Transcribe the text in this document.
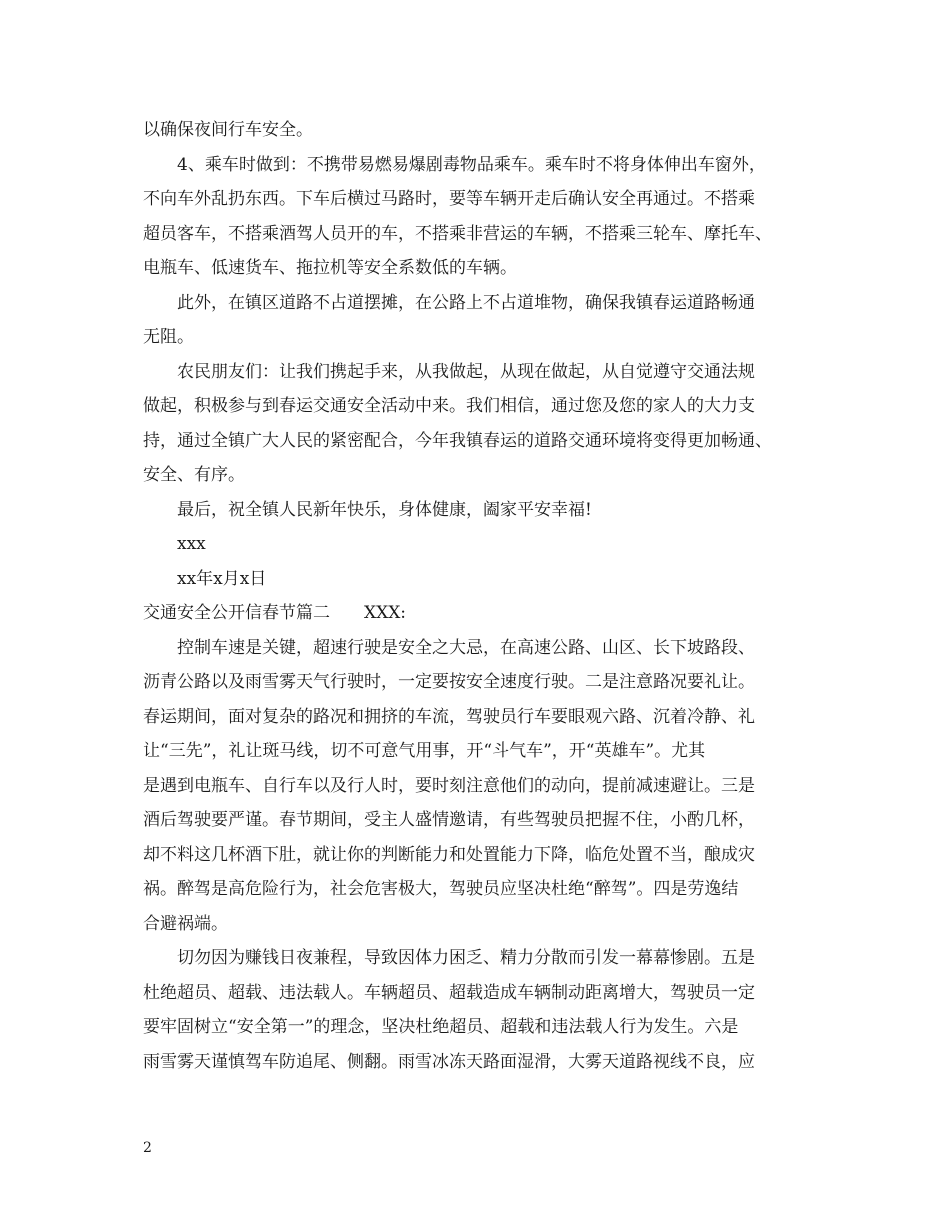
以确保夜间行车安全。
4、乘车时做到：不携带易燃易爆剧毒物品乘车。乘车时不将身体伸出车窗外，
不向车外乱扔东西。下车后横过马路时，要等车辆开走后确认安全再通过。不搭乘
超员客车，不搭乘酒驾人员开的车，不搭乘非营运的车辆，不搭乘三轮车、摩托车、
电瓶车、低速货车、拖拉机等安全系数低的车辆。
此外，在镇区道路不占道摆摊，在公路上不占道堆物，确保我镇春运道路畅通
无阻。
农民朋友们：让我们携起手来，从我做起，从现在做起，从自觉遵守交通法规
做起，积极参与到春运交通安全活动中来。我们相信，通过您及您的家人的大力支
持，通过全镇广大人民的紧密配合，今年我镇春运的道路交通环境将变得更加畅通、
安全、有序。
最后，祝全镇人民新年快乐，身体健康，阖家平安幸福!
xxx
xx年x月x日
交通安全公开信春节篇二 XXX:
控制车速是关键，超速行驶是安全之大忌，在高速公路、山区、长下坡路段、
沥青公路以及雨雪雾天气行驶时，一定要按安全速度行驶。二是注意路况要礼让。
春运期间，面对复杂的路况和拥挤的车流，驾驶员行车要眼观六路、沉着冷静、礼
让“三先”，礼让斑马线，切不可意气用事，开“斗气车”，开“英雄车”。尤其
是遇到电瓶车、自行车以及行人时，要时刻注意他们的动向，提前减速避让。三是
酒后驾驶要严谨。春节期间，受主人盛情邀请，有些驾驶员把握不住，小酌几杯，
却不料这几杯酒下肚，就让你的判断能力和处置能力下降，临危处置不当，酿成灾
祸。醉驾是高危险行为，社会危害极大，驾驶员应坚决杜绝“醉驾”。四是劳逸结
合避祸端。
切勿因为赚钱日夜兼程，导致因体力困乏、精力分散而引发一幕幕惨剧。五是
杜绝超员、超载、违法载人。车辆超员、超载造成车辆制动距离增大，驾驶员一定
要牢固树立“安全第一”的理念，坚决杜绝超员、超载和违法载人行为发生。六是
雨雪雾天谨慎驾车防追尾、侧翻。雨雪冰冻天路面湿滑，大雾天道路视线不良，应
2
